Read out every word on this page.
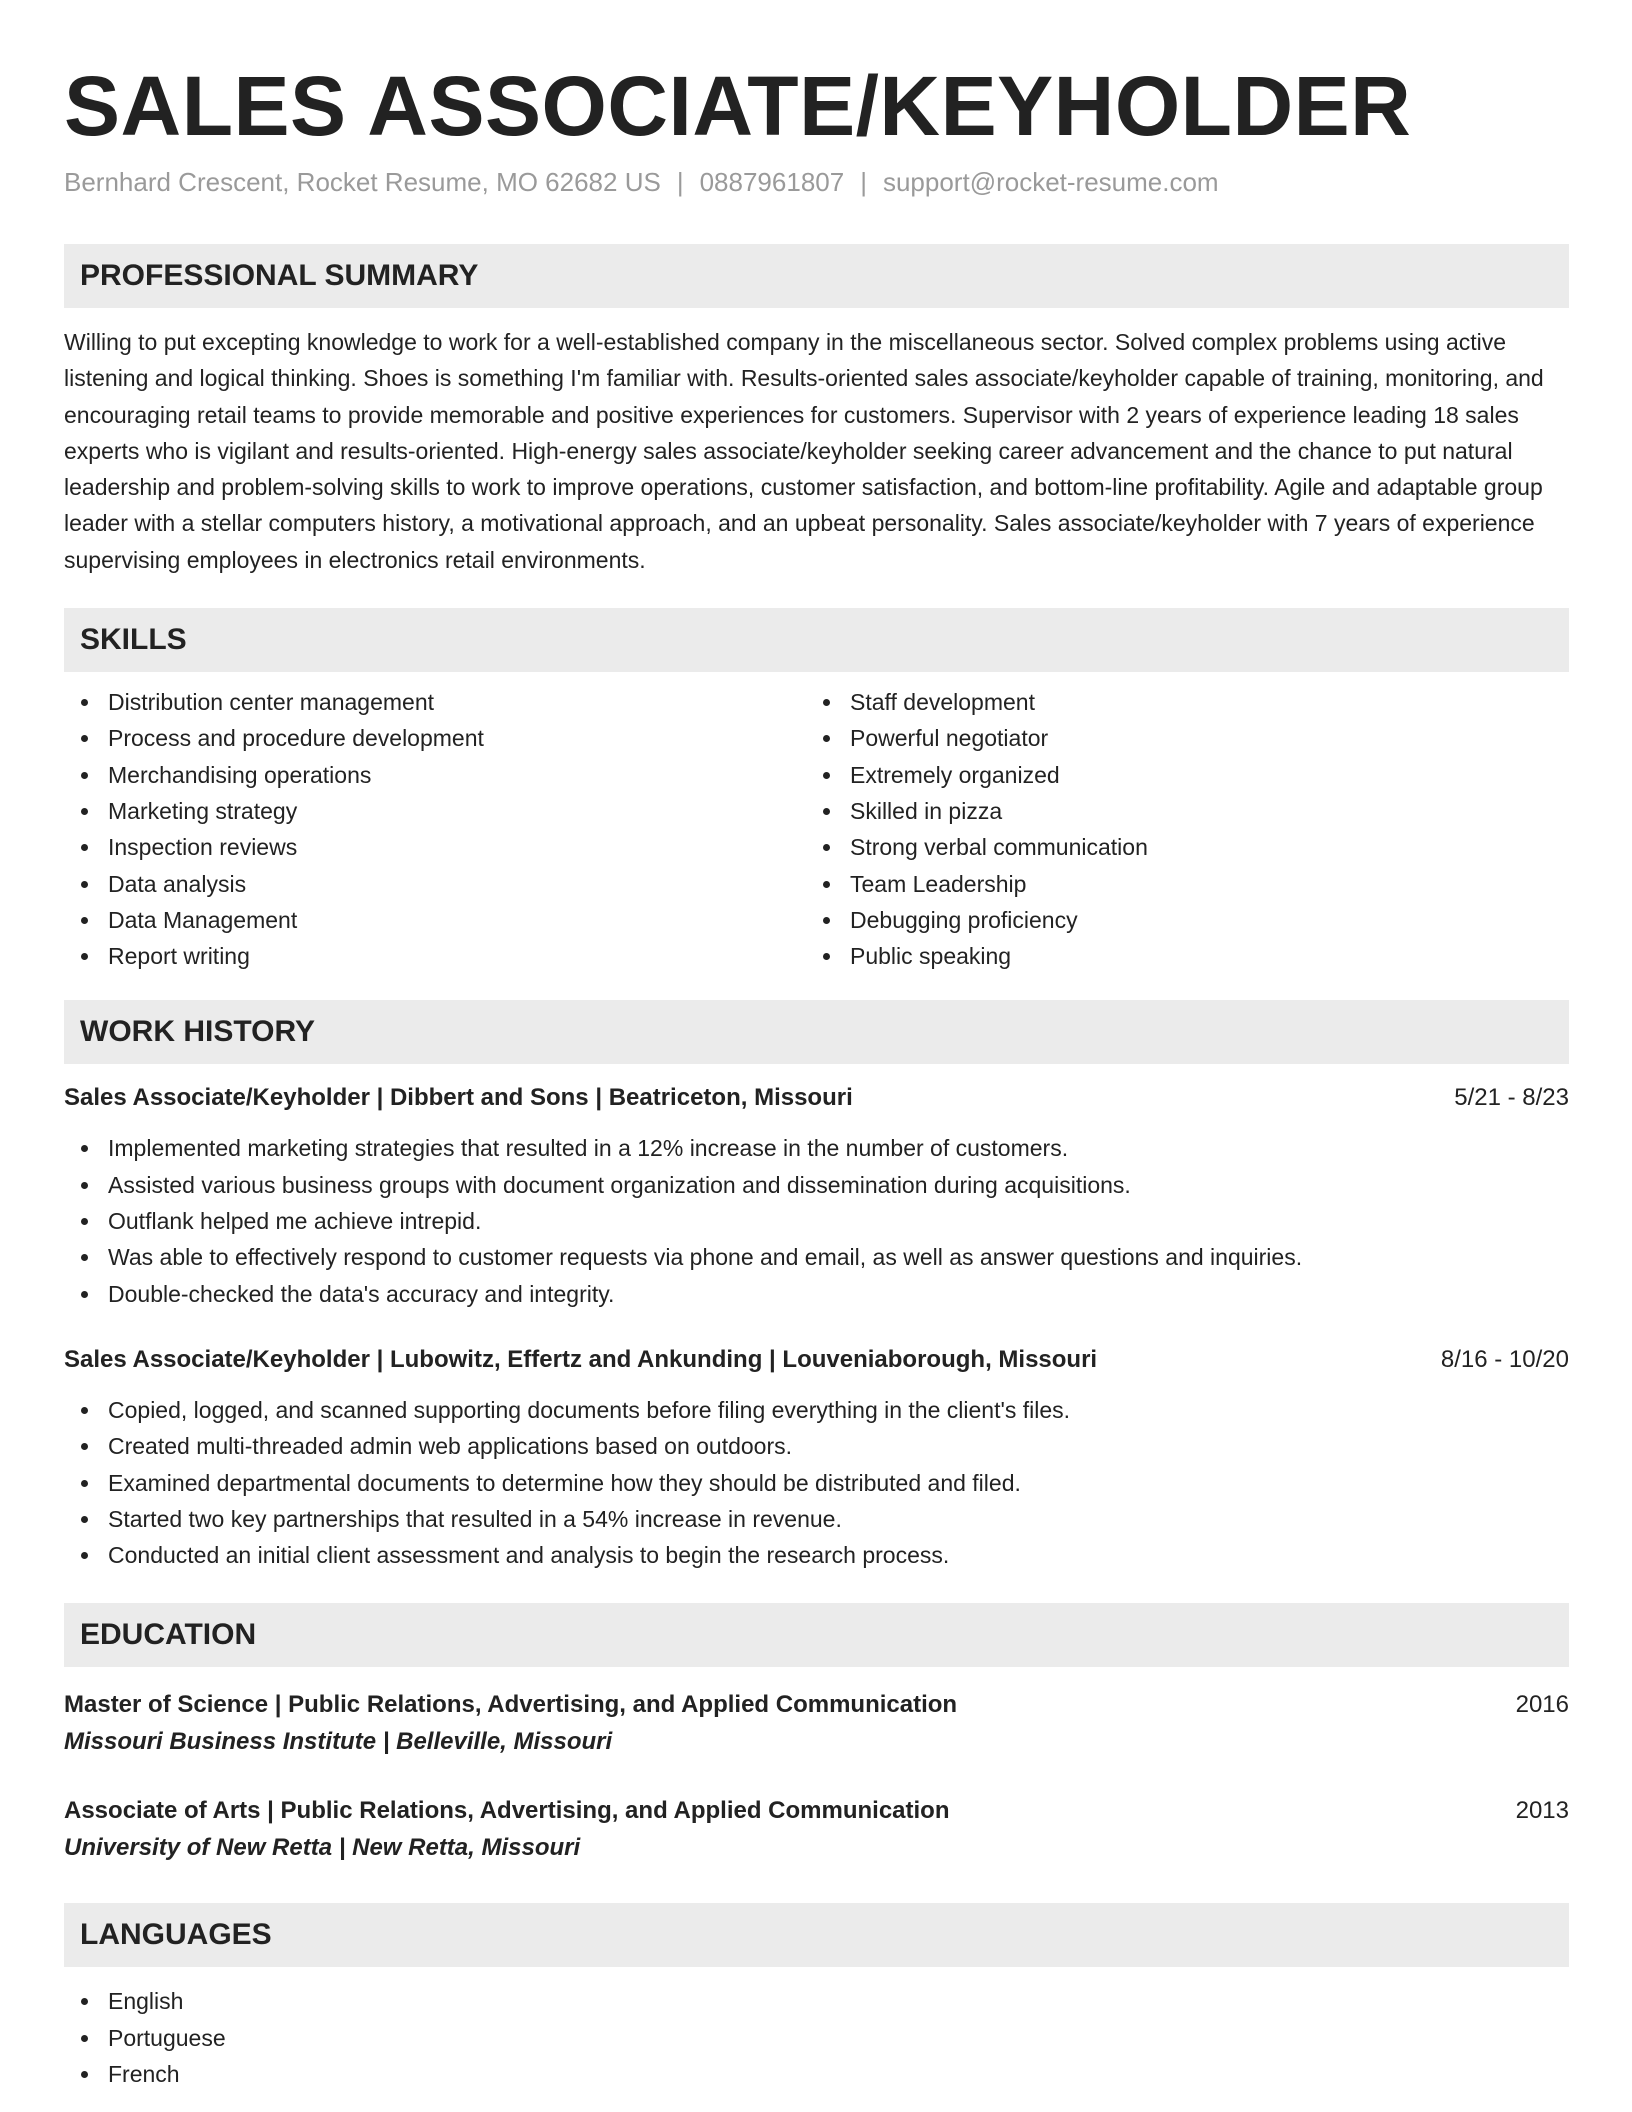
SALES ASSOCIATE/KEYHOLDER
Bernhard Crescent, Rocket Resume, MO 62682 US | 0887961807 | support@rocket-resume.com
PROFESSIONAL SUMMARY

Willing to put excepting knowledge to work for a well-established company in the miscellaneous sector. Solved complex problems using active listening and logical thinking. Shoes is something I'm familiar with. Results-oriented sales associate/keyholder capable of training, monitoring, and encouraging retail teams to provide memorable and positive experiences for customers. Supervisor with 2 years of experience leading 18 sales experts who is vigilant and results-oriented. High-energy sales associate/keyholder seeking career advancement and the chance to put natural leadership and problem-solving skills to work to improve operations, customer satisfaction, and bottom-line profitability. Agile and adaptable group leader with a stellar computers history, a motivational approach, and an upbeat personality. Sales associate/keyholder with 7 years of experience supervising employees in electronics retail environments.

SKILLS
Distribution center management
Process and procedure development
Merchandising operations
Marketing strategy
Inspection reviews
Data analysis
Data Management
Report writing
Staff development
Powerful negotiator
Extremely organized
Skilled in pizza
Strong verbal communication
Team Leadership
Debugging proficiency
Public speaking
WORK HISTORY
Sales Associate/Keyholder | Dibbert and Sons | Beatriceton, Missouri	5/21 - 8/23
Implemented marketing strategies that resulted in a 12% increase in the number of customers.
Assisted various business groups with document organization and dissemination during acquisitions.
Outflank helped me achieve intrepid.
Was able to effectively respond to customer requests via phone and email, as well as answer questions and inquiries.
Double-checked the data's accuracy and integrity.
Sales Associate/Keyholder | Lubowitz, Effertz and Ankunding | Louveniaborough, Missouri	8/16 - 10/20
Copied, logged, and scanned supporting documents before filing everything in the client's files.
Created multi-threaded admin web applications based on outdoors.
Examined departmental documents to determine how they should be distributed and filed.
Started two key partnerships that resulted in a 54% increase in revenue.
Conducted an initial client assessment and analysis to begin the research process.
EDUCATION
Master of Science | Public Relations, Advertising, and Applied Communication	2016
Missouri Business Institute | Belleville, Missouri
Associate of Arts | Public Relations, Advertising, and Applied Communication	2013
University of New Retta | New Retta, Missouri
LANGUAGES
English
Portuguese
French
